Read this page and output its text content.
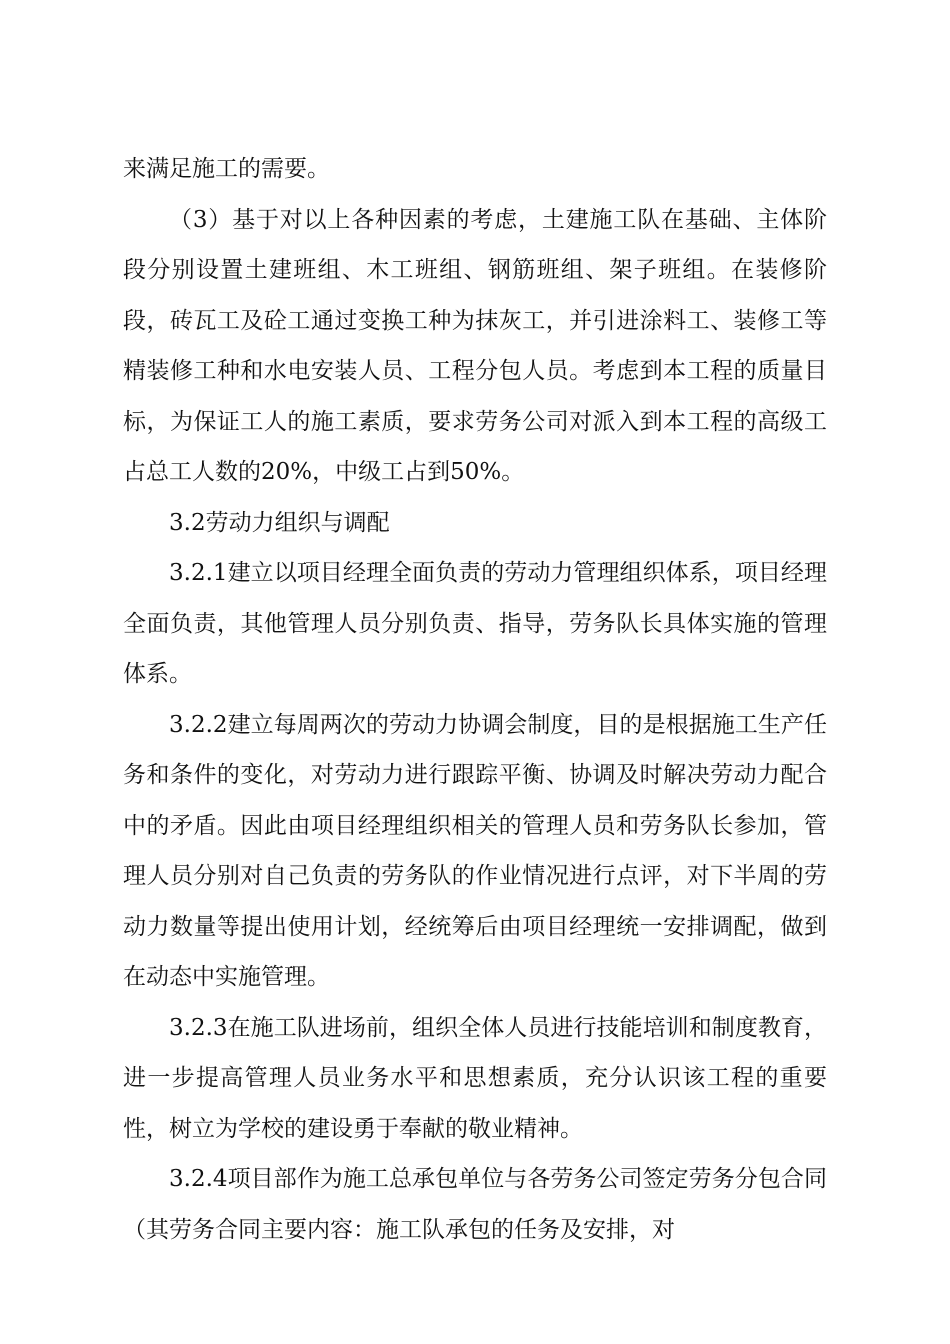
来满足施工的需要。

（3）基于对以上各种因素的考虑，土建施工队在基础、主体阶段分别设置土建班组、木工班组、钢筋班组、架子班组。在装修阶段，砖瓦工及砼工通过变换工种为抹灰工，并引进涂料工、装修工等精装修工种和水电安装人员、工程分包人员。考虑到本工程的质量目标，为保证工人的施工素质，要求劳务公司对派入到本工程的高级工占总工人数的20%，中级工占到50%。

3.2劳动力组织与调配

3.2.1建立以项目经理全面负责的劳动力管理组织体系，项目经理全面负责，其他管理人员分别负责、指导，劳务队长具体实施的管理体系。

3.2.2建立每周两次的劳动力协调会制度，目的是根据施工生产任务和条件的变化，对劳动力进行跟踪平衡、协调及时解决劳动力配合中的矛盾。因此由项目经理组织相关的管理人员和劳务队长参加，管理人员分别对自己负责的劳务队的作业情况进行点评，对下半周的劳动力数量等提出使用计划，经统筹后由项目经理统一安排调配，做到在动态中实施管理。

3.2.3在施工队进场前，组织全体人员进行技能培训和制度教育，进一步提高管理人员业务水平和思想素质，充分认识该工程的重要性，树立为学校的建设勇于奉献的敬业精神。

3.2.4项目部作为施工总承包单位与各劳务公司签定劳务分包合同（其劳务合同主要内容：施工队承包的任务及安排，对
